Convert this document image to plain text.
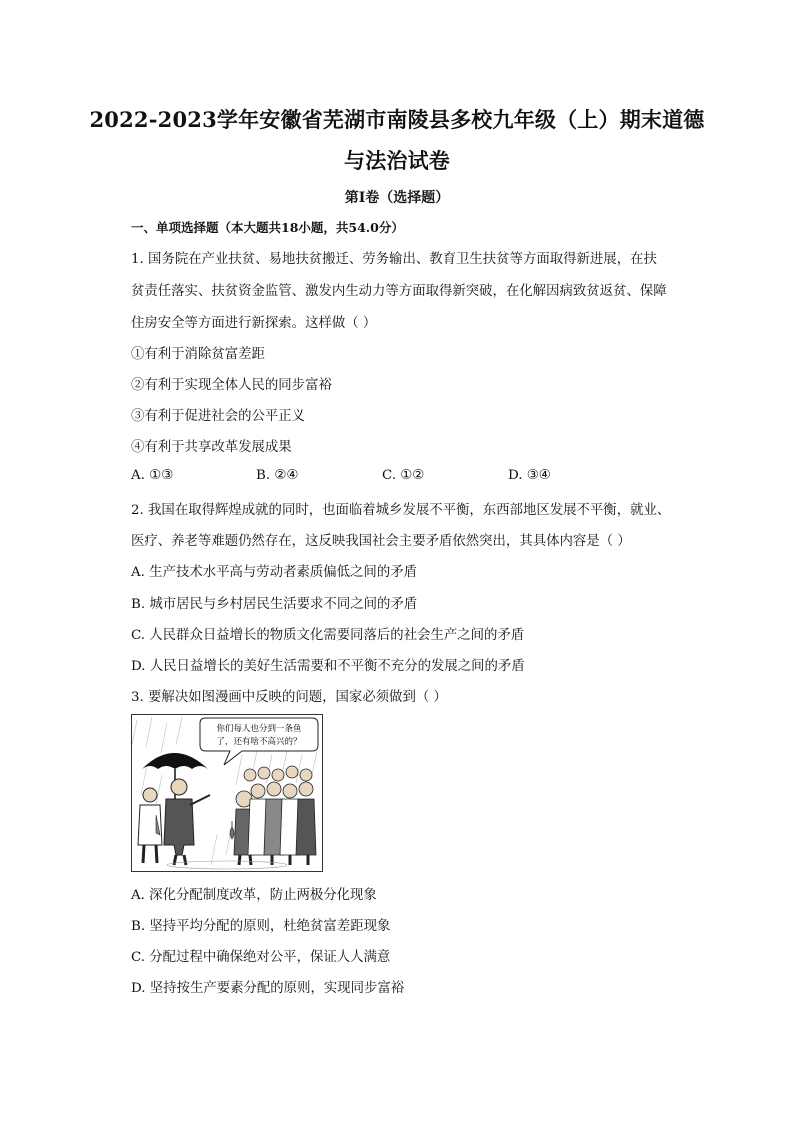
2022-2023学年安徽省芜湖市南陵县多校九年级（上）期末道德
与法治试卷
第I卷（选择题）
一、单项选择题（本大题共18小题，共54.0分）
1. 国务院在产业扶贫、易地扶贫搬迁、劳务输出、教育卫生扶贫等方面取得新进展，在扶
贫责任落实、扶贫资金监管、激发内生动力等方面取得新突破，在化解因病致贫返贫、保障
住房安全等方面进行新探索。这样做（ ）
①有利于消除贫富差距
②有利于实现全体人民的同步富裕
③有利于促进社会的公平正义
④有利于共享改革发展成果
A. ①③	B. ②④	C. ①②	D. ③④
2. 我国在取得辉煌成就的同时，也面临着城乡发展不平衡，东西部地区发展不平衡，就业、
医疗、养老等难题仍然存在，这反映我国社会主要矛盾依然突出，其具体内容是（ ）
A. 生产技术水平高与劳动者素质偏低之间的矛盾
B. 城市居民与乡村居民生活要求不同之间的矛盾
C. 人民群众日益增长的物质文化需要同落后的社会生产之间的矛盾
D. 人民日益增长的美好生活需要和不平衡不充分的发展之间的矛盾
3. 要解决如图漫画中反映的问题，国家必须做到（ ）
你们每人也分到一条鱼
了，还有啥不高兴的？
A. 深化分配制度改革，防止两极分化现象
B. 坚持平均分配的原则，杜绝贫富差距现象
C. 分配过程中确保绝对公平，保证人人满意
D. 坚持按生产要素分配的原则，实现同步富裕
